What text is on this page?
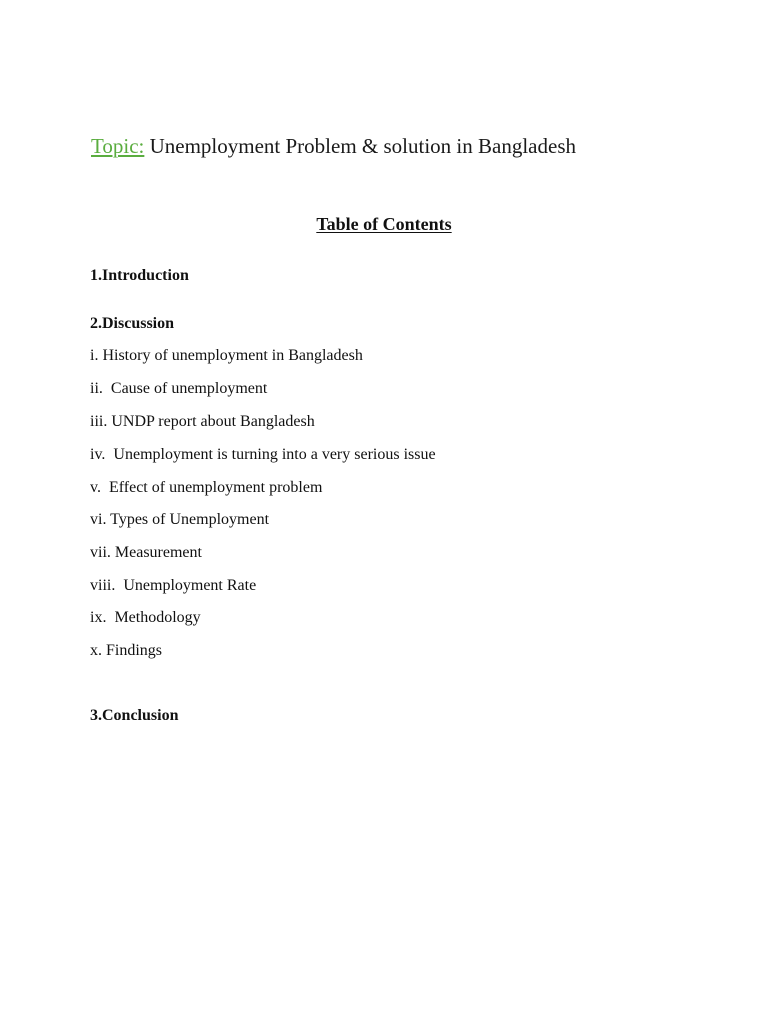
Topic: Unemployment Problem & solution in Bangladesh
Table of Contents
1.Introduction
2.Discussion
i. History of unemployment in Bangladesh
ii.  Cause of unemployment
iii. UNDP report about Bangladesh
iv.  Unemployment is turning into a very serious issue
v.  Effect of unemployment problem
vi. Types of Unemployment
vii. Measurement
viii.  Unemployment Rate
ix.  Methodology
x. Findings
3.Conclusion
